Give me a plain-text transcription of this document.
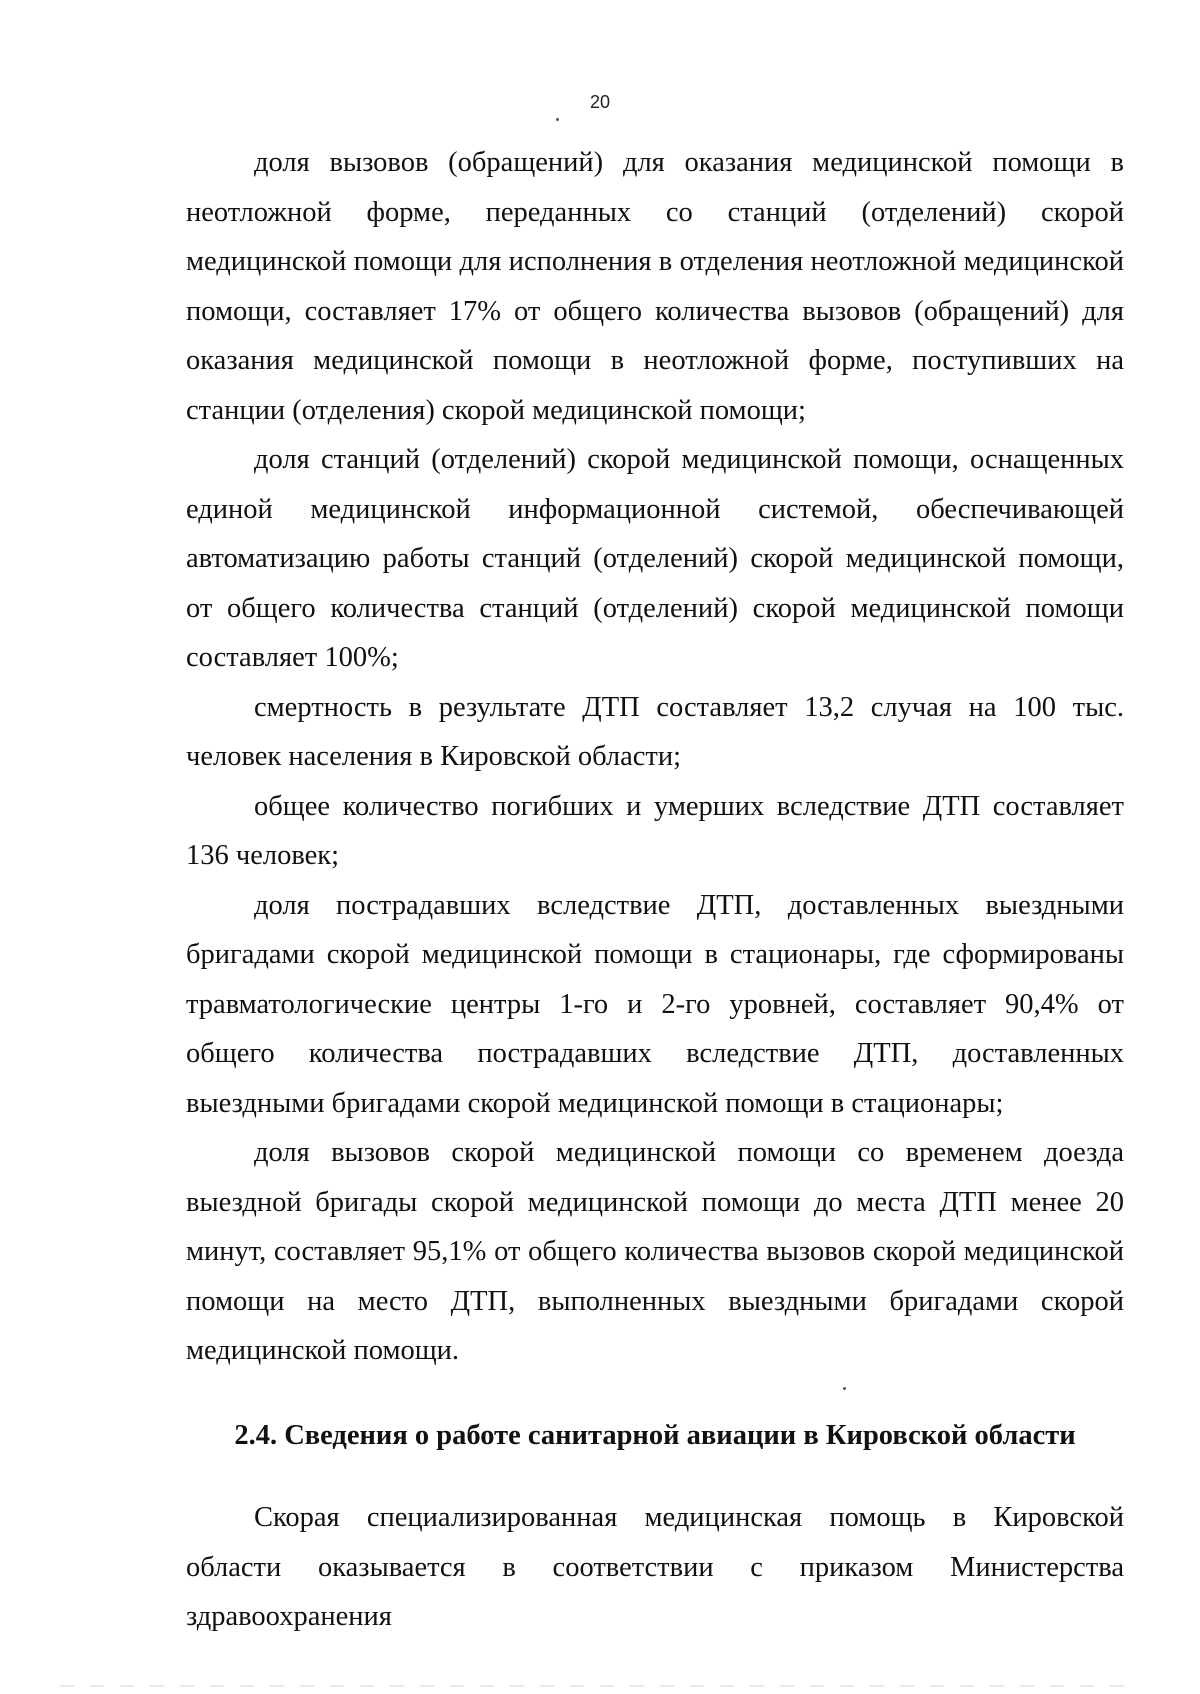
20

доля вызовов (обращений) для оказания медицинской помощи в неотложной форме, переданных со станций (отделений) скорой медицинской помощи для исполнения в отделения неотложной медицинской помощи, составляет 17% от общего количества вызовов (обращений) для оказания медицинской помощи в неотложной форме, поступивших на станции (отделения) скорой медицинской помощи;

доля станций (отделений) скорой медицинской помощи, оснащенных единой медицинской информационной системой, обеспечивающей автоматизацию работы станций (отделений) скорой медицинской помощи, от общего количества станций (отделений) скорой медицинской помощи составляет 100%;

смертность в результате ДТП составляет 13,2 случая на 100 тыс. человек населения в Кировской области;

общее количество погибших и умерших вследствие ДТП составляет 136 человек;

доля пострадавших вследствие ДТП, доставленных выездными бригадами скорой медицинской помощи в стационары, где сформированы травматологические центры 1-го и 2-го уровней, составляет 90,4% от общего количества пострадавших вследствие ДТП, доставленных выездными бригадами скорой медицинской помощи в стационары;

доля вызовов скорой медицинской помощи со временем доезда выездной бригады скорой медицинской помощи до места ДТП менее 20 минут, составляет 95,1% от общего количества вызовов скорой медицинской помощи на место ДТП, выполненных выездными бригадами скорой медицинской помощи.

2.4. Сведения о работе санитарной авиации в Кировской области

Скорая специализированная медицинская помощь в Кировской области оказывается в соответствии с приказом Министерства здравоохранения
